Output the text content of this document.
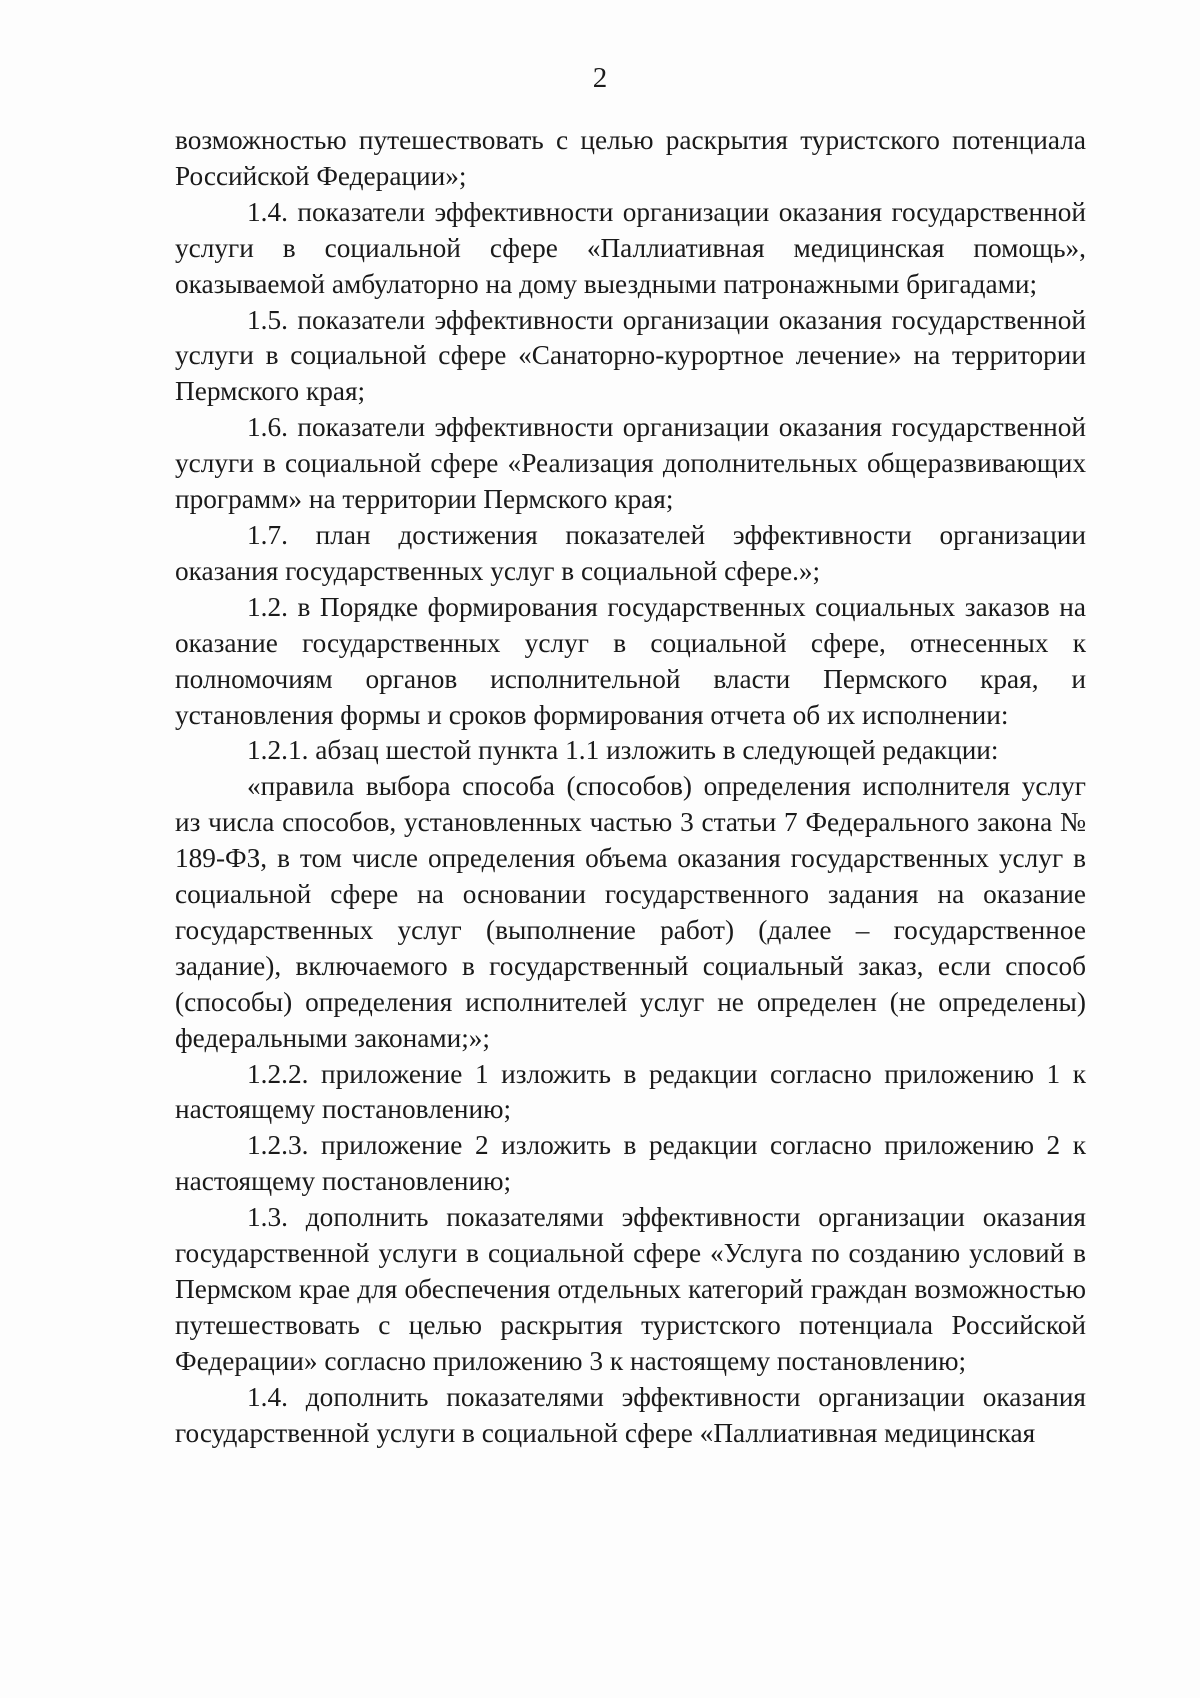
2

возможностью путешествовать с целью раскрытия туристского потенциала Российской Федерации»;

1.4. показатели эффективности организации оказания государственной услуги в социальной сфере «Паллиативная медицинская помощь», оказываемой амбулаторно на дому выездными патронажными бригадами;

1.5. показатели эффективности организации оказания государственной услуги в социальной сфере «Санаторно-курортное лечение» на территории Пермского края;

1.6. показатели эффективности организации оказания государственной услуги в социальной сфере «Реализация дополнительных общеразвивающих программ» на территории Пермского края;

1.7. план достижения показателей эффективности организации оказания государственных услуг в социальной сфере.»;

1.2. в Порядке формирования государственных социальных заказов на оказание государственных услуг в социальной сфере, отнесенных к полномочиям органов исполнительной власти Пермского края, и установления формы и сроков формирования отчета об их исполнении:

1.2.1. абзац шестой пункта 1.1 изложить в следующей редакции:

«правила выбора способа (способов) определения исполнителя услуг из числа способов, установленных частью 3 статьи 7 Федерального закона № 189-ФЗ, в том числе определения объема оказания государственных услуг в социальной сфере на основании государственного задания на оказание государственных услуг (выполнение работ) (далее – государственное задание), включаемого в государственный социальный заказ, если способ (способы) определения исполнителей услуг не определен (не определены) федеральными законами;»;

1.2.2. приложение 1 изложить в редакции согласно приложению 1 к настоящему постановлению;

1.2.3. приложение 2 изложить в редакции согласно приложению 2 к настоящему постановлению;

1.3. дополнить показателями эффективности организации оказания государственной услуги в социальной сфере «Услуга по созданию условий в Пермском крае для обеспечения отдельных категорий граждан возможностью путешествовать с целью раскрытия туристского потенциала Российской Федерации» согласно приложению 3 к настоящему постановлению;

1.4. дополнить показателями эффективности организации оказания государственной услуги в социальной сфере «Паллиативная медицинская
